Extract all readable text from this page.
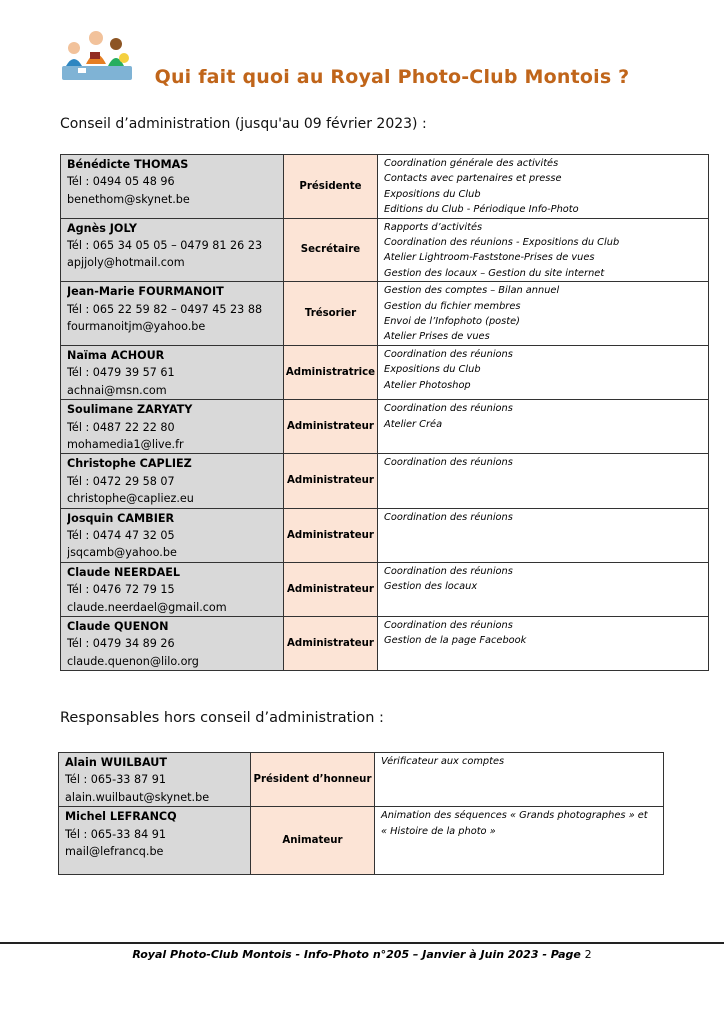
Qui fait quoi au Royal Photo-Club Montois ?
Conseil d’administration (jusqu'au 09 février 2023) :
Bénédicte THOMAS
Tél : 0494 05 48 96
benethom@skynet.be	Présidente	Coordination générale des activités
Contacts avec partenaires et presse
Expositions du Club
Editions du Club - Périodique Info-Photo

Agnès JOLY
Tél : 065 34 05 05 – 0479 81 26 23
apjjoly@hotmail.com	Secrétaire	Rapports d’activités
Coordination des réunions - Expositions du Club
Atelier Lightroom-Faststone-Prises de vues
Gestion des locaux – Gestion du site internet

Jean-Marie FOURMANOIT
Tél : 065 22 59 82 – 0497 45 23 88
fourmanoitjm@yahoo.be	Trésorier	Gestion des comptes – Bilan annuel
Gestion du fichier membres
Envoi de l’Infophoto (poste)
Atelier Prises de vues

Naïma ACHOUR
Tél : 0479 39 57 61
achnai@msn.com	Administratrice	Coordination des réunions
Expositions du Club
Atelier Photoshop

Soulimane ZARYATY
Tél : 0487 22 22 80
mohamedia1@live.fr	Administrateur	Coordination des réunions
Atelier Créa

Christophe CAPLIEZ
Tél : 0472 29 58 07
christophe@capliez.eu	Administrateur	Coordination des réunions

Josquin CAMBIER
Tél : 0474 47 32 05
jsqcamb@yahoo.be	Administrateur	Coordination des réunions

Claude NEERDAEL
Tél : 0476 72 79 15
claude.neerdael@gmail.com	Administrateur	Coordination des réunions
Gestion des locaux

Claude QUENON
Tél : 0479 34 89 26
claude.quenon@lilo.org	Administrateur	Coordination des réunions
Gestion de la page Facebook
Responsables hors conseil d’administration :
Alain WUILBAUT
Tél : 065-33 87 91
alain.wuilbaut@skynet.be	Président d’honneur	Vérificateur aux comptes

Michel LEFRANCQ
Tél : 065-33 84 91
mail@lefrancq.be	Animateur	Animation des séquences « Grands photographes » et
« Histoire de la photo »
Royal Photo-Club Montois - Info-Photo n°205 – Janvier à Juin 2023 - Page 2
